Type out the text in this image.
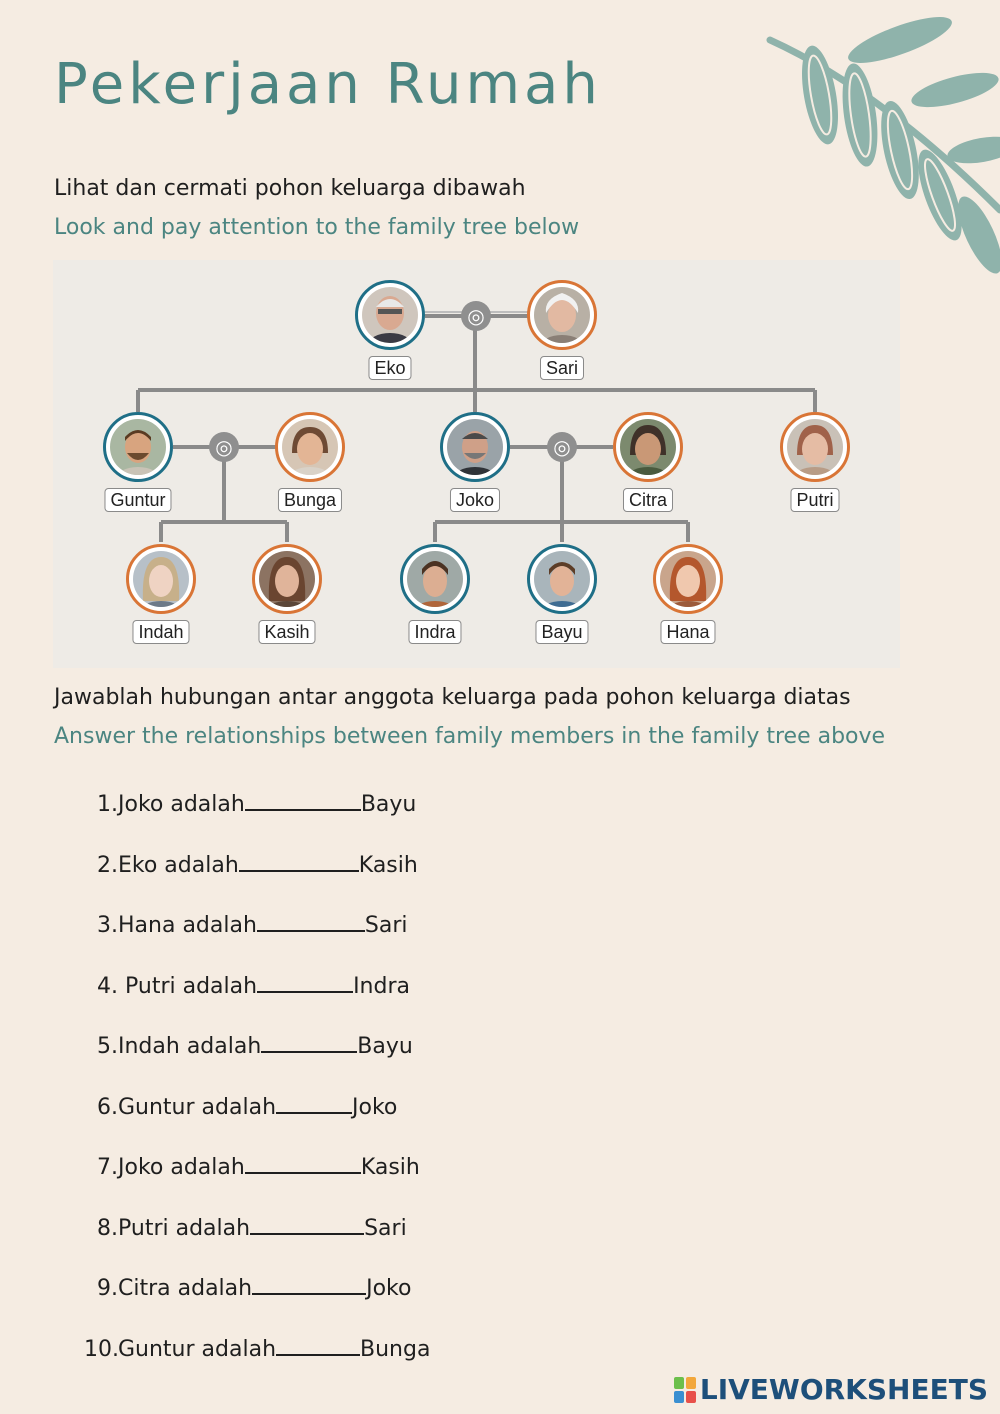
Pekerjaan Rumah
Lihat dan cermati pohon keluarga dibawah
Look and pay attention to the family tree below
◎
◎	◎
Eko	Sari
Guntur	Bunga	Joko	Citra	Putri
Indah	Kasih	Indra	Bayu	Hana
Jawablah hubungan antar anggota keluarga pada pohon keluarga diatas
Answer the relationships between family members in the family tree above
1. Joko adalah	Bayu
2. Eko adalah	Kasih
3. Hana adalah	Sari
4. Putri adalah	Indra
5. Indah adalah	Bayu
6. Guntur adalah	Joko
7. Joko adalah	Kasih
8. Putri adalah	Sari
9. Citra adalah	Joko
10. Guntur adalah	Bunga
LIVEWORKSHEETS
